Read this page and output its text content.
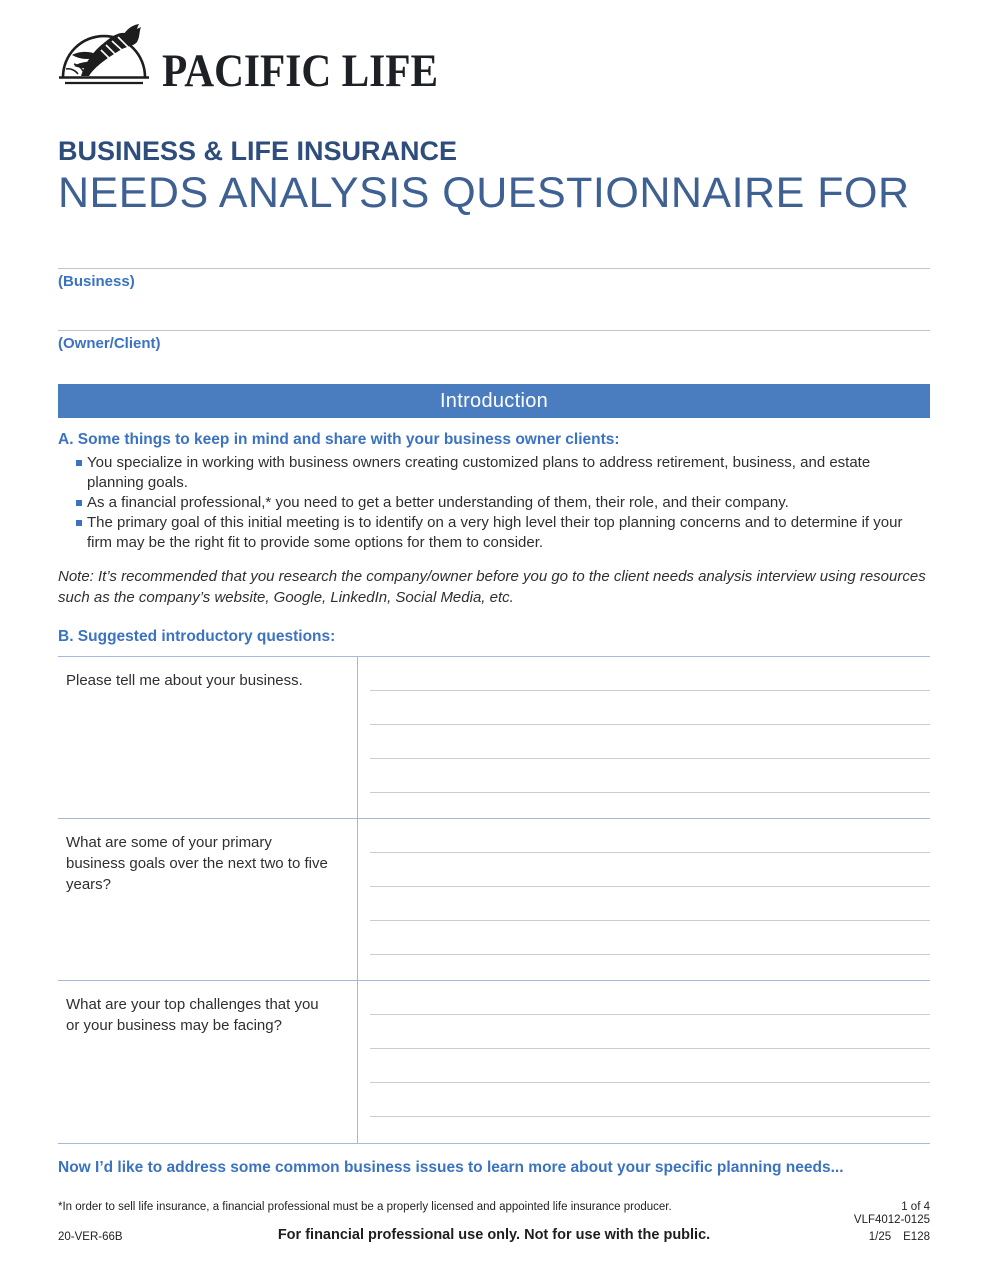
PACIFIC LIFE
BUSINESS & LIFE INSURANCE
NEEDS ANALYSIS QUESTIONNAIRE FOR
(Business)
(Owner/Client)
Introduction
A. Some things to keep in mind and share with your business owner clients:
You specialize in working with business owners creating customized plans to address retirement, business, and estate planning goals.
As a financial professional,* you need to get a better understanding of them, their role, and their company.
The primary goal of this initial meeting is to identify on a very high level their top planning concerns and to determine if your firm may be the right fit to provide some options for them to consider.
Note: It’s recommended that you research the company/owner before you go to the client needs analysis interview using resources such as the company’s website, Google, LinkedIn, Social Media, etc.
B. Suggested introductory questions:
Please tell me about your business.
What are some of your primary business goals over the next two to five years?
What are your top challenges that you or your business may be facing?
Now I’d like to address some common business issues to learn more about your specific planning needs...
*In order to sell life insurance, a financial professional must be a properly licensed and appointed life insurance producer.	1 of 4
VLF4012-0125
20-VER-66B	For financial professional use only. Not for use with the public.	1/25 E128
